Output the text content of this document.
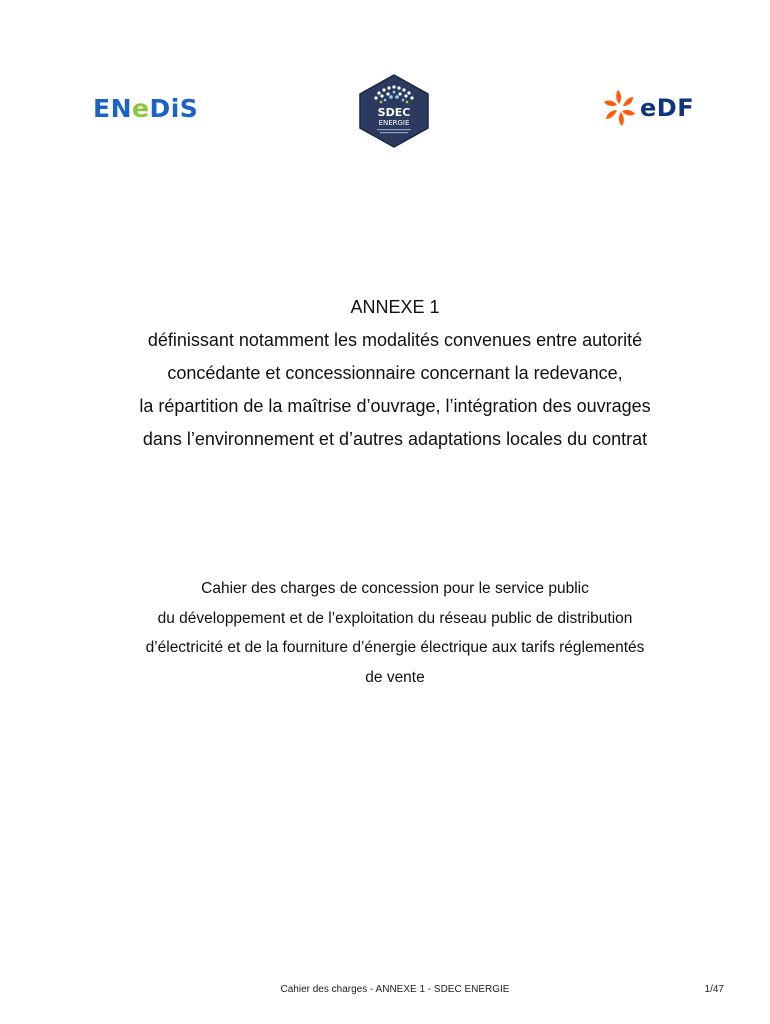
ENeDiS	SDEC
ENERGIE
eDF
ANNEXE 1
définissant notamment les modalités convenues entre autorité
concédante et concessionnaire concernant la redevance,
la répartition de la maîtrise d’ouvrage, l’intégration des ouvrages
dans l’environnement et d’autres adaptations locales du contrat
Cahier des charges de concession pour le service public
du développement et de l’exploitation du réseau public de distribution
d’électricité et de la fourniture d’énergie électrique aux tarifs réglementés
de vente
Cahier des charges - ANNEXE 1 - SDEC ENERGIE	1/47
